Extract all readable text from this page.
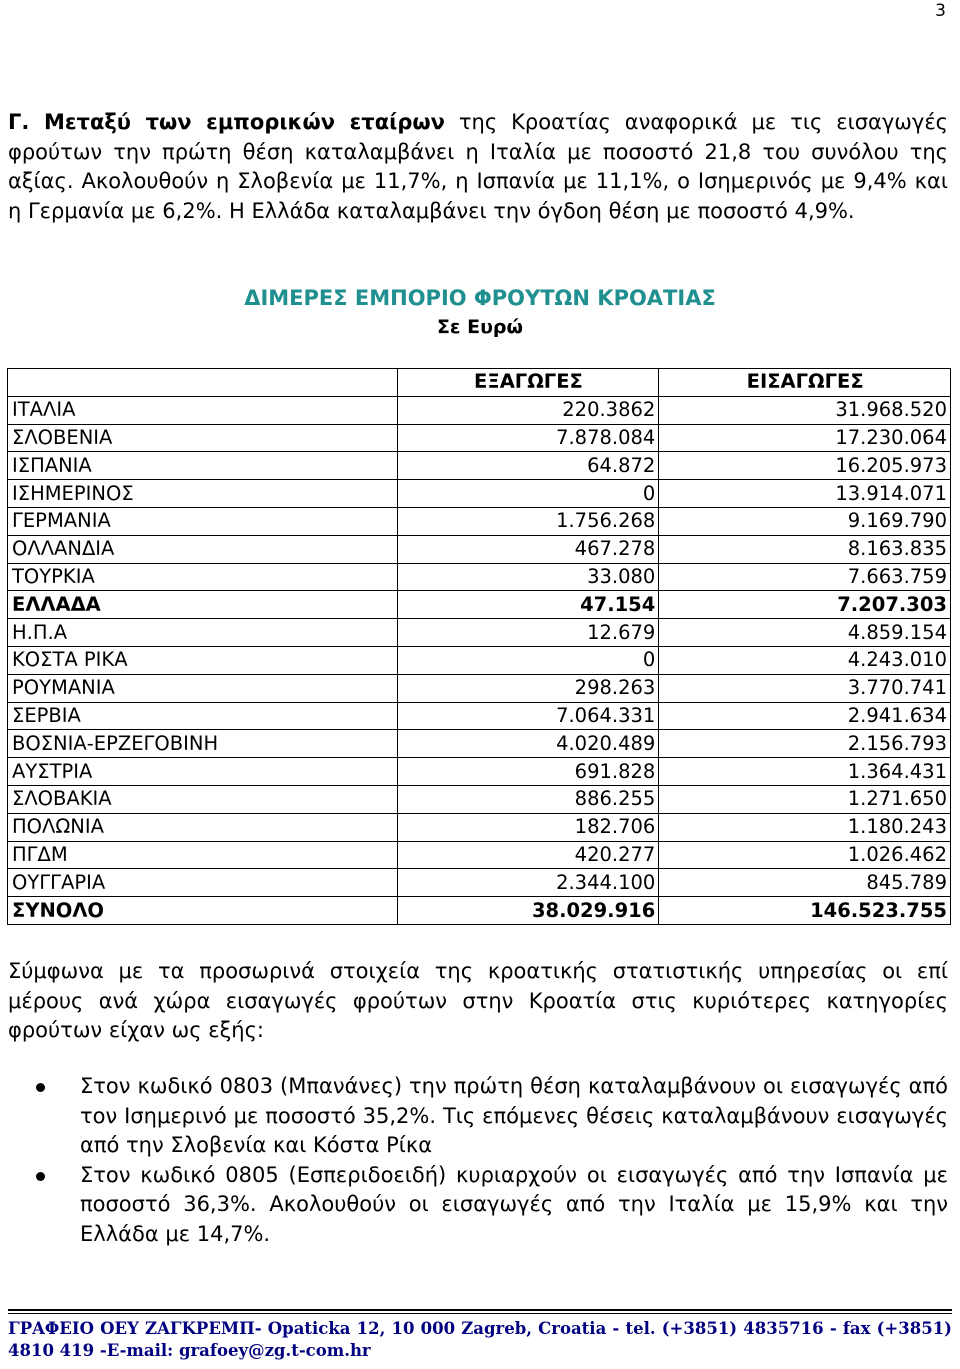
3

Γ. Μεταξύ των εμπορικών εταίρων της Κροατίας αναφορικά με τις εισαγωγές φρούτων την πρώτη θέση καταλαμβάνει η Ιταλία με ποσοστό 21,8 του συνόλου της αξίας. Ακολουθούν η Σλοβενία με 11,7%, η Ισπανία με 11,1%, ο Ισημερινός με 9,4% και η Γερμανία με 6,2%. Η Ελλάδα καταλαμβάνει την όγδοη θέση με ποσοστό 4,9%.

ΔΙΜΕΡΕΣ ΕΜΠΟΡΙΟ ΦΡΟΥΤΩΝ ΚΡΟΑΤΙΑΣ
Σε Ευρώ
	ΕΞΑΓΩΓΕΣ	ΕΙΣΑΓΩΓΕΣ
ΙΤΑΛΙΑ	220.3862	31.968.520
ΣΛΟΒΕΝΙΑ	7.878.084	17.230.064
ΙΣΠΑΝΙΑ	64.872	16.205.973
ΙΣΗΜΕΡΙΝΟΣ	0	13.914.071
ΓΕΡΜΑΝΙΑ	1.756.268	9.169.790
ΟΛΛΑΝΔΙΑ	467.278	8.163.835
ΤΟΥΡΚΙΑ	33.080	7.663.759
ΕΛΛΑΔΑ	47.154	7.207.303
Η.Π.Α	12.679	4.859.154
ΚΟΣΤΑ ΡΙΚΑ	0	4.243.010
ΡΟΥΜΑΝΙΑ	298.263	3.770.741
ΣΕΡΒΙΑ	7.064.331	2.941.634
ΒΟΣΝΙΑ-ΕΡΖΕΓΟΒΙΝΗ	4.020.489	2.156.793
ΑΥΣΤΡΙΑ	691.828	1.364.431
ΣΛΟΒΑΚΙΑ	886.255	1.271.650
ΠΟΛΩΝΙΑ	182.706	1.180.243
ΠΓΔΜ	420.277	1.026.462
ΟΥΓΓΑΡΙΑ	2.344.100	845.789
ΣΥΝΟΛΟ	38.029.916	146.523.755

Σύμφωνα με τα προσωρινά στοιχεία της κροατικής στατιστικής υπηρεσίας οι επί μέρους ανά χώρα εισαγωγές φρούτων στην Κροατία στις κυριότερες κατηγορίες φρούτων είχαν ως εξής:

Στον κωδικό 0803 (Μπανάνες) την πρώτη θέση καταλαμβάνουν οι εισαγωγές από τον Ισημερινό με ποσοστό 35,2%. Τις επόμενες θέσεις καταλαμβάνουν εισαγωγές από την Σλοβενία και Κόστα Ρίκα
Στον κωδικό 0805 (Εσπεριδοειδή) κυριαρχούν οι εισαγωγές από την Ισπανία με ποσοστό 36,3%. Ακολουθούν οι εισαγωγές από την Ιταλία με 15,9% και την Ελλάδα με 14,7%.

ΓΡΑΦΕΙΟ ΟΕΥ ΖΑΓΚΡΕΜΠ- Opaticka 12, 10 000 Zagreb, Croatia - tel. (+3851) 4835716 - fax (+3851) 4810 419 -E-mail: grafoey@zg.t-com.hr
